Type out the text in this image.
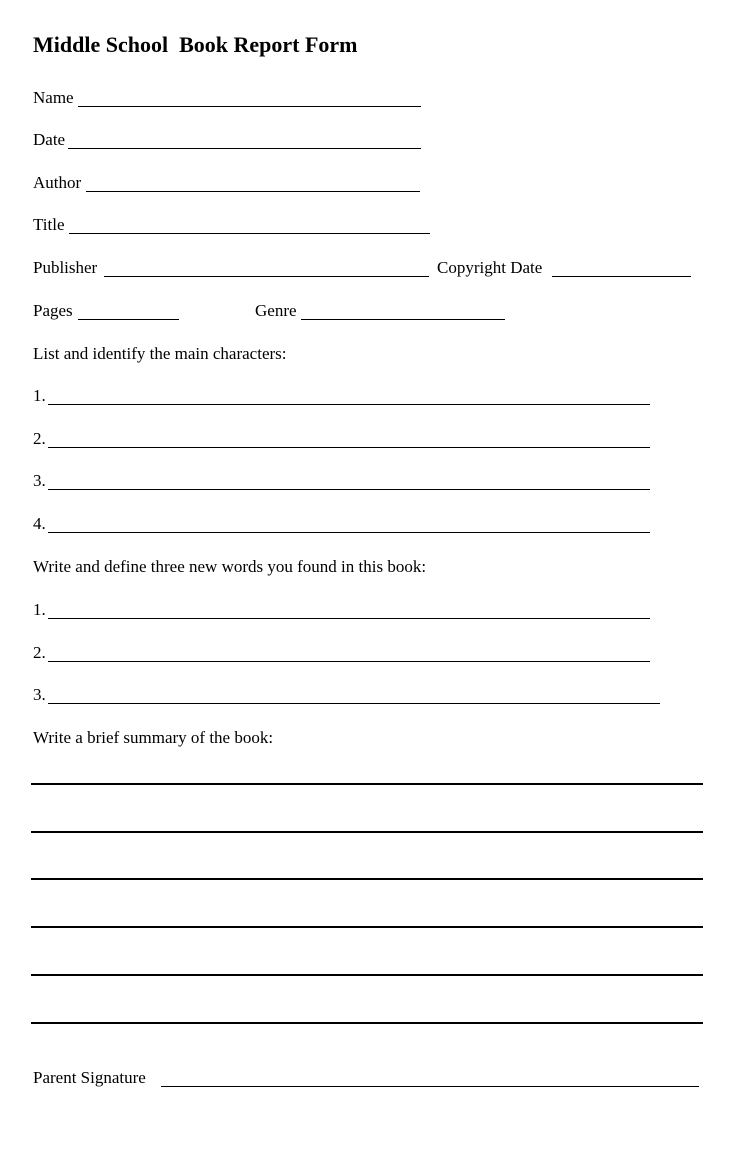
Middle School  Book Report Form
Name
Date
Author
Title
Publisher	Copyright Date
Pages	Genre
List and identify the main characters:
1.
2.
3.
4.
Write and define three new words you found in this book:
1.
2.
3.
Write a brief summary of the book:
Parent Signature
